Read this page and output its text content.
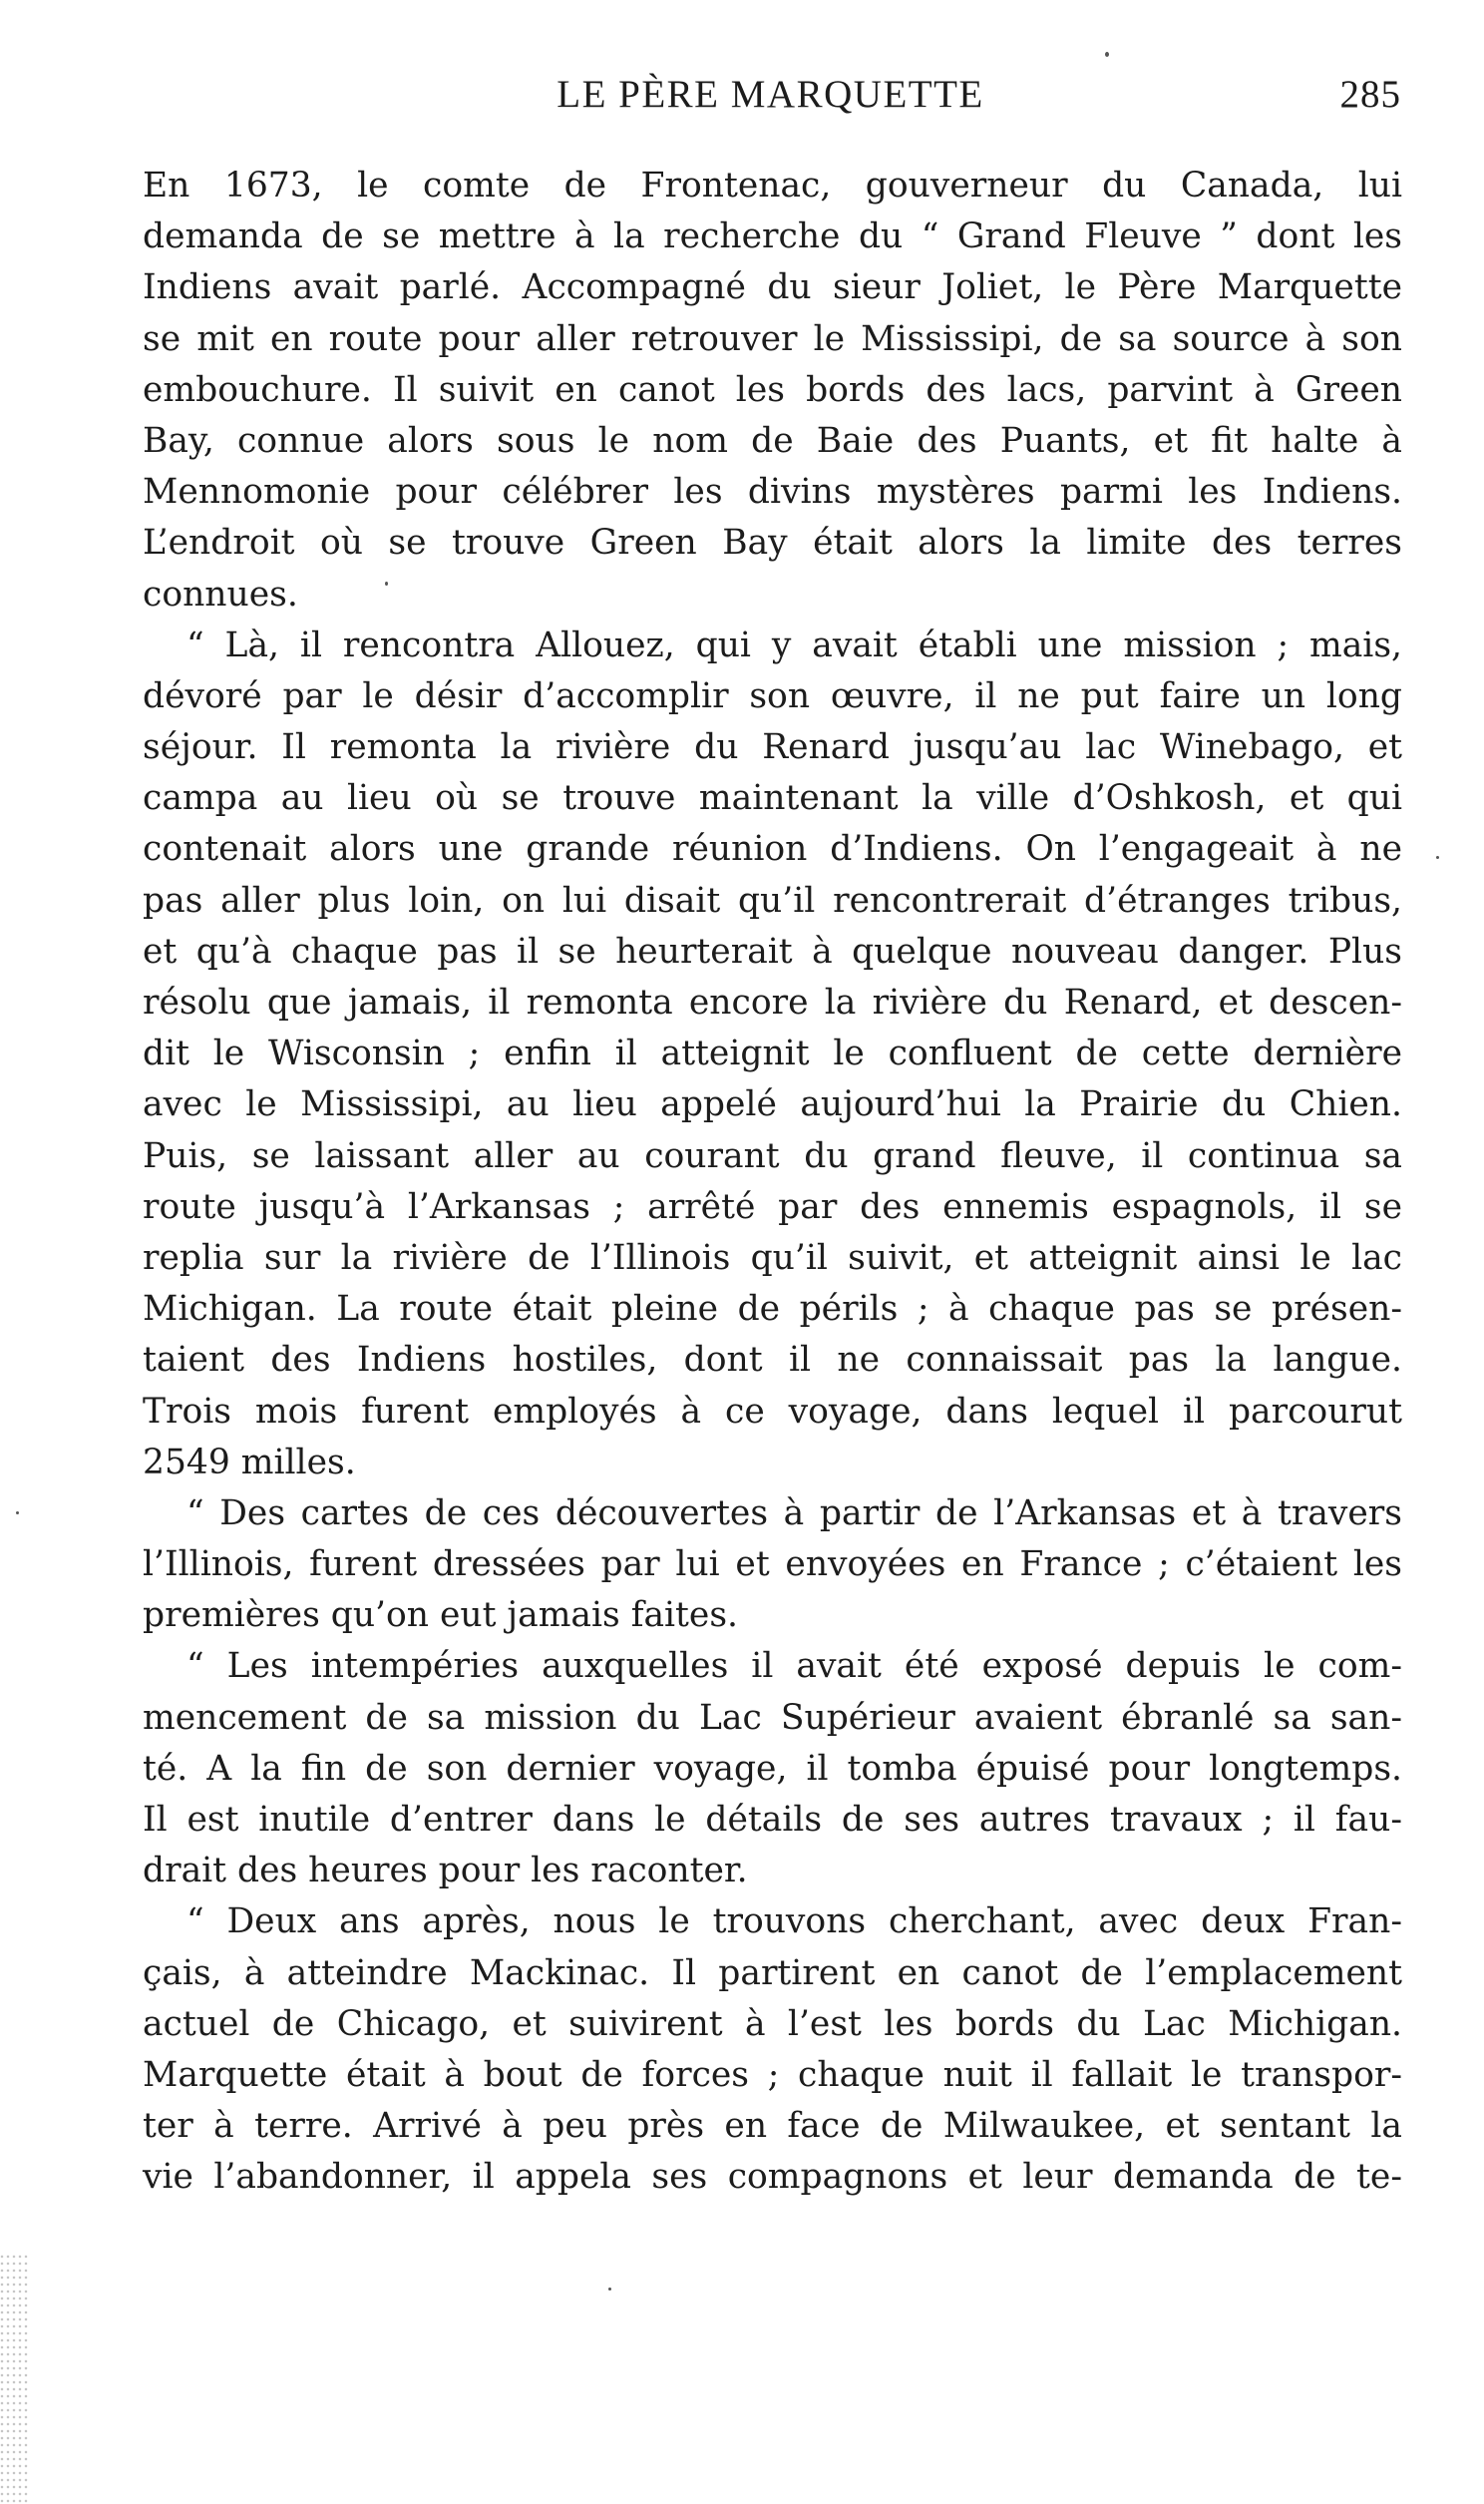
LE PÈRE MARQUETTE	285
En 1673, le comte de Frontenac, gouverneur du Canada, lui
demanda de se mettre à la recherche du “ Grand Fleuve ” dont les
Indiens avait parlé. Accompagné du sieur Joliet, le Père Marquette
se mit en route pour aller retrouver le Mississipi, de sa source à son
embouchure. Il suivit en canot les bords des lacs, parvint à Green
Bay, connue alors sous le nom de Baie des Puants, et fit halte à
Mennomonie pour célébrer les divins mystères parmi les Indiens.
L’endroit où se trouve Green Bay était alors la limite des terres
connues.
“ Là, il rencontra Allouez, qui y avait établi une mission ; mais,
dévoré par le désir d’accomplir son œuvre, il ne put faire un long
séjour. Il remonta la rivière du Renard jusqu’au lac Winebago, et
campa au lieu où se trouve maintenant la ville d’Oshkosh, et qui
contenait alors une grande réunion d’Indiens. On l’engageait à ne
pas aller plus loin, on lui disait qu’il rencontrerait d’étranges tribus,
et qu’à chaque pas il se heurterait à quelque nouveau danger. Plus
résolu que jamais, il remonta encore la rivière du Renard, et descen-
dit le Wisconsin ; enfin il atteignit le confluent de cette dernière
avec le Mississipi, au lieu appelé aujourd’hui la Prairie du Chien.
Puis, se laissant aller au courant du grand fleuve, il continua sa
route jusqu’à l’Arkansas ; arrêté par des ennemis espagnols, il se
replia sur la rivière de l’Illinois qu’il suivit, et atteignit ainsi le lac
Michigan. La route était pleine de périls ; à chaque pas se présen-
taient des Indiens hostiles, dont il ne connaissait pas la langue.
Trois mois furent employés à ce voyage, dans lequel il parcourut
2549 milles.
“ Des cartes de ces découvertes à partir de l’Arkansas et à travers
l’Illinois, furent dressées par lui et envoyées en France ; c’étaient les
premières qu’on eut jamais faites.
“ Les intempéries auxquelles il avait été exposé depuis le com-
mencement de sa mission du Lac Supérieur avaient ébranlé sa san-
té. A la fin de son dernier voyage, il tomba épuisé pour longtemps.
Il est inutile d’entrer dans le détails de ses autres travaux ; il fau-
drait des heures pour les raconter.
“ Deux ans après, nous le trouvons cherchant, avec deux Fran-
çais, à atteindre Mackinac. Il partirent en canot de l’emplacement
actuel de Chicago, et suivirent à l’est les bords du Lac Michigan.
Marquette était à bout de forces ; chaque nuit il fallait le transpor-
ter à terre. Arrivé à peu près en face de Milwaukee, et sentant la
vie l’abandonner, il appela ses compagnons et leur demanda de te-
